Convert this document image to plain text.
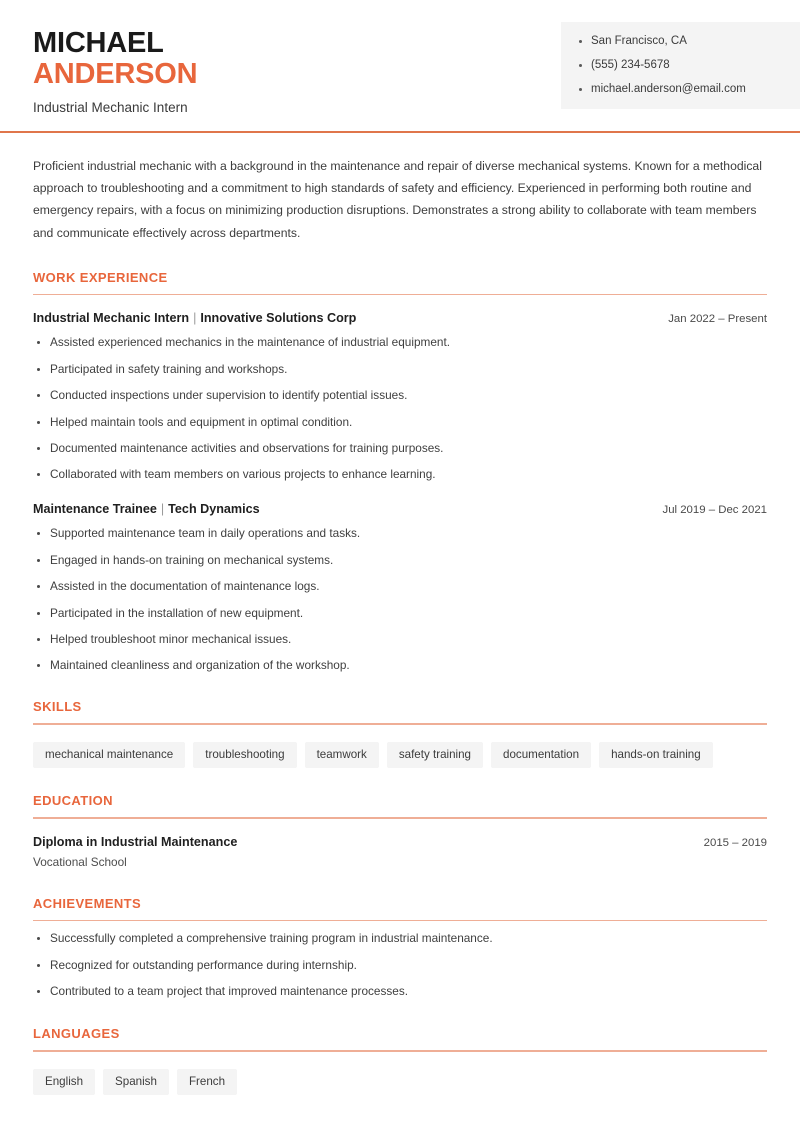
MICHAEL
ANDERSON
Industrial Mechanic Intern
San Francisco, CA
(555) 234-5678
michael.anderson@email.com

Proficient industrial mechanic with a background in the maintenance and repair of diverse mechanical systems. Known for a methodical approach to troubleshooting and a commitment to high standards of safety and efficiency. Experienced in performing both routine and emergency repairs, with a focus on minimizing production disruptions. Demonstrates a strong ability to collaborate with team members and communicate effectively across departments.

WORK EXPERIENCE
Industrial Mechanic Intern | Innovative Solutions Corp	Jan 2022 – Present
Assisted experienced mechanics in the maintenance of industrial equipment.
Participated in safety training and workshops.
Conducted inspections under supervision to identify potential issues.
Helped maintain tools and equipment in optimal condition.
Documented maintenance activities and observations for training purposes.
Collaborated with team members on various projects to enhance learning.
Maintenance Trainee | Tech Dynamics	Jul 2019 – Dec 2021
Supported maintenance team in daily operations and tasks.
Engaged in hands-on training on mechanical systems.
Assisted in the documentation of maintenance logs.
Participated in the installation of new equipment.
Helped troubleshoot minor mechanical issues.
Maintained cleanliness and organization of the workshop.
SKILLS
mechanical maintenance	troubleshooting	teamwork	safety training	documentation	hands-on training
EDUCATION
Diploma in Industrial Maintenance	2015 – 2019
Vocational School
ACHIEVEMENTS
Successfully completed a comprehensive training program in industrial maintenance.
Recognized for outstanding performance during internship.
Contributed to a team project that improved maintenance processes.
LANGUAGES
English	Spanish	French
